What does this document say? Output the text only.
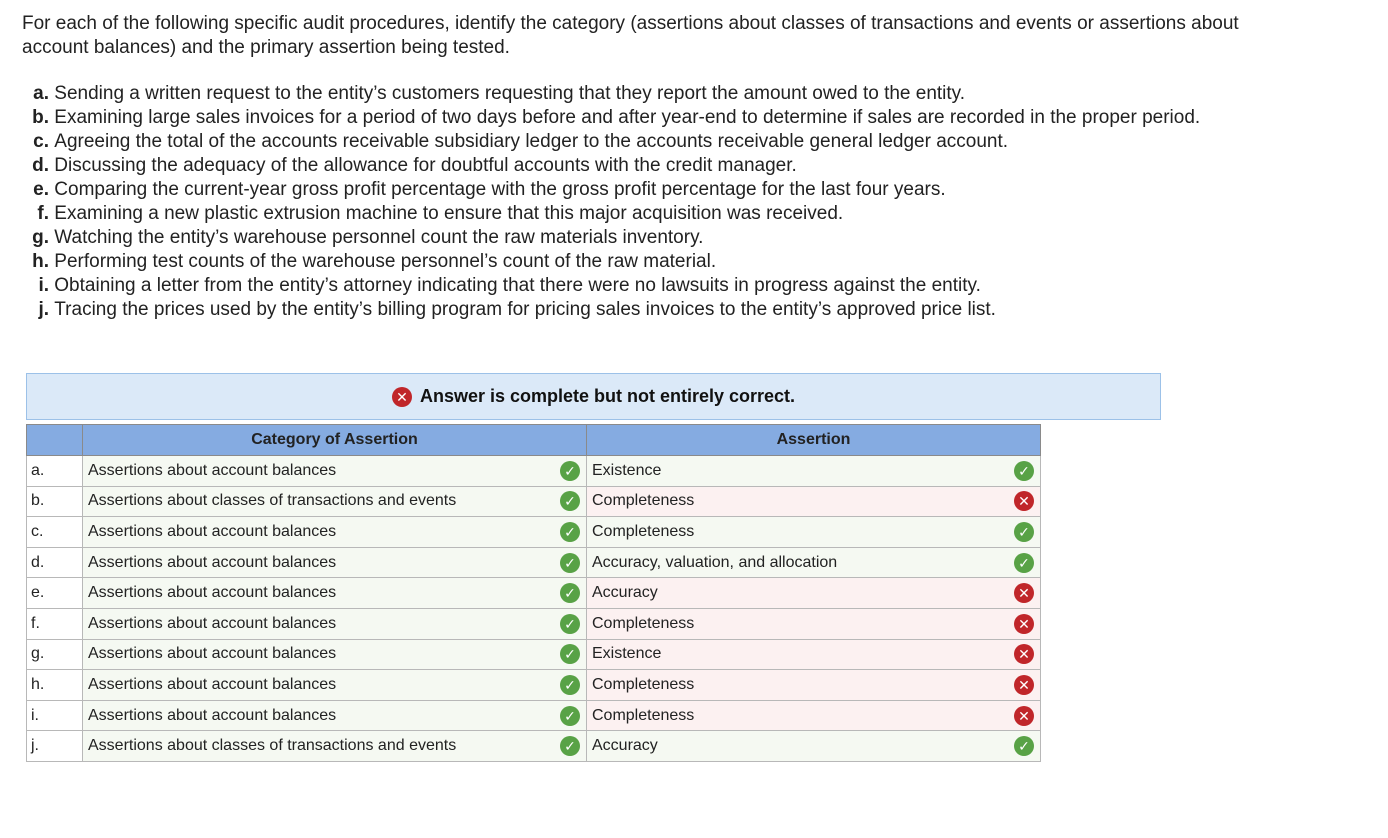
For each of the following specific audit procedures, identify the category (assertions about classes of transactions and events or assertions about account balances) and the primary assertion being tested.
a.
Sending a written request to the entity’s customers requesting that they report the amount owed to the entity.
b.
Examining large sales invoices for a period of two days before and after year-end to determine if sales are recorded in the proper period.
c.
Agreeing the total of the accounts receivable subsidiary ledger to the accounts receivable general ledger account.
d.
Discussing the adequacy of the allowance for doubtful accounts with the credit manager.
e.
Comparing the current-year gross profit percentage with the gross profit percentage for the last four years.
f.
Examining a new plastic extrusion machine to ensure that this major acquisition was received.
g.
Watching the entity’s warehouse personnel count the raw materials inventory.
h.
Performing test counts of the warehouse personnel’s count of the raw material.
i.
Obtaining a letter from the entity’s attorney indicating that there were no lawsuits in progress against the entity.
j.
Tracing the prices used by the entity’s billing program for pricing sales invoices to the entity’s approved price list.
✕ Answer is complete but not entirely correct.
	Category of Assertion	Assertion
a.	Assertions about account balances ✓	Existence ✓

b.	Assertions about classes of transactions and events ✓	Completeness ✕

c.	Assertions about account balances ✓	Completeness ✓

d.	Assertions about account balances ✓	Accuracy, valuation, and allocation ✓

e.	Assertions about account balances ✓	Accuracy ✕

f.	Assertions about account balances ✓	Completeness ✕

g.	Assertions about account balances ✓	Existence ✕

h.	Assertions about account balances ✓	Completeness ✕

i.	Assertions about account balances ✓	Completeness ✕

j.	Assertions about classes of transactions and events ✓	Accuracy ✓
